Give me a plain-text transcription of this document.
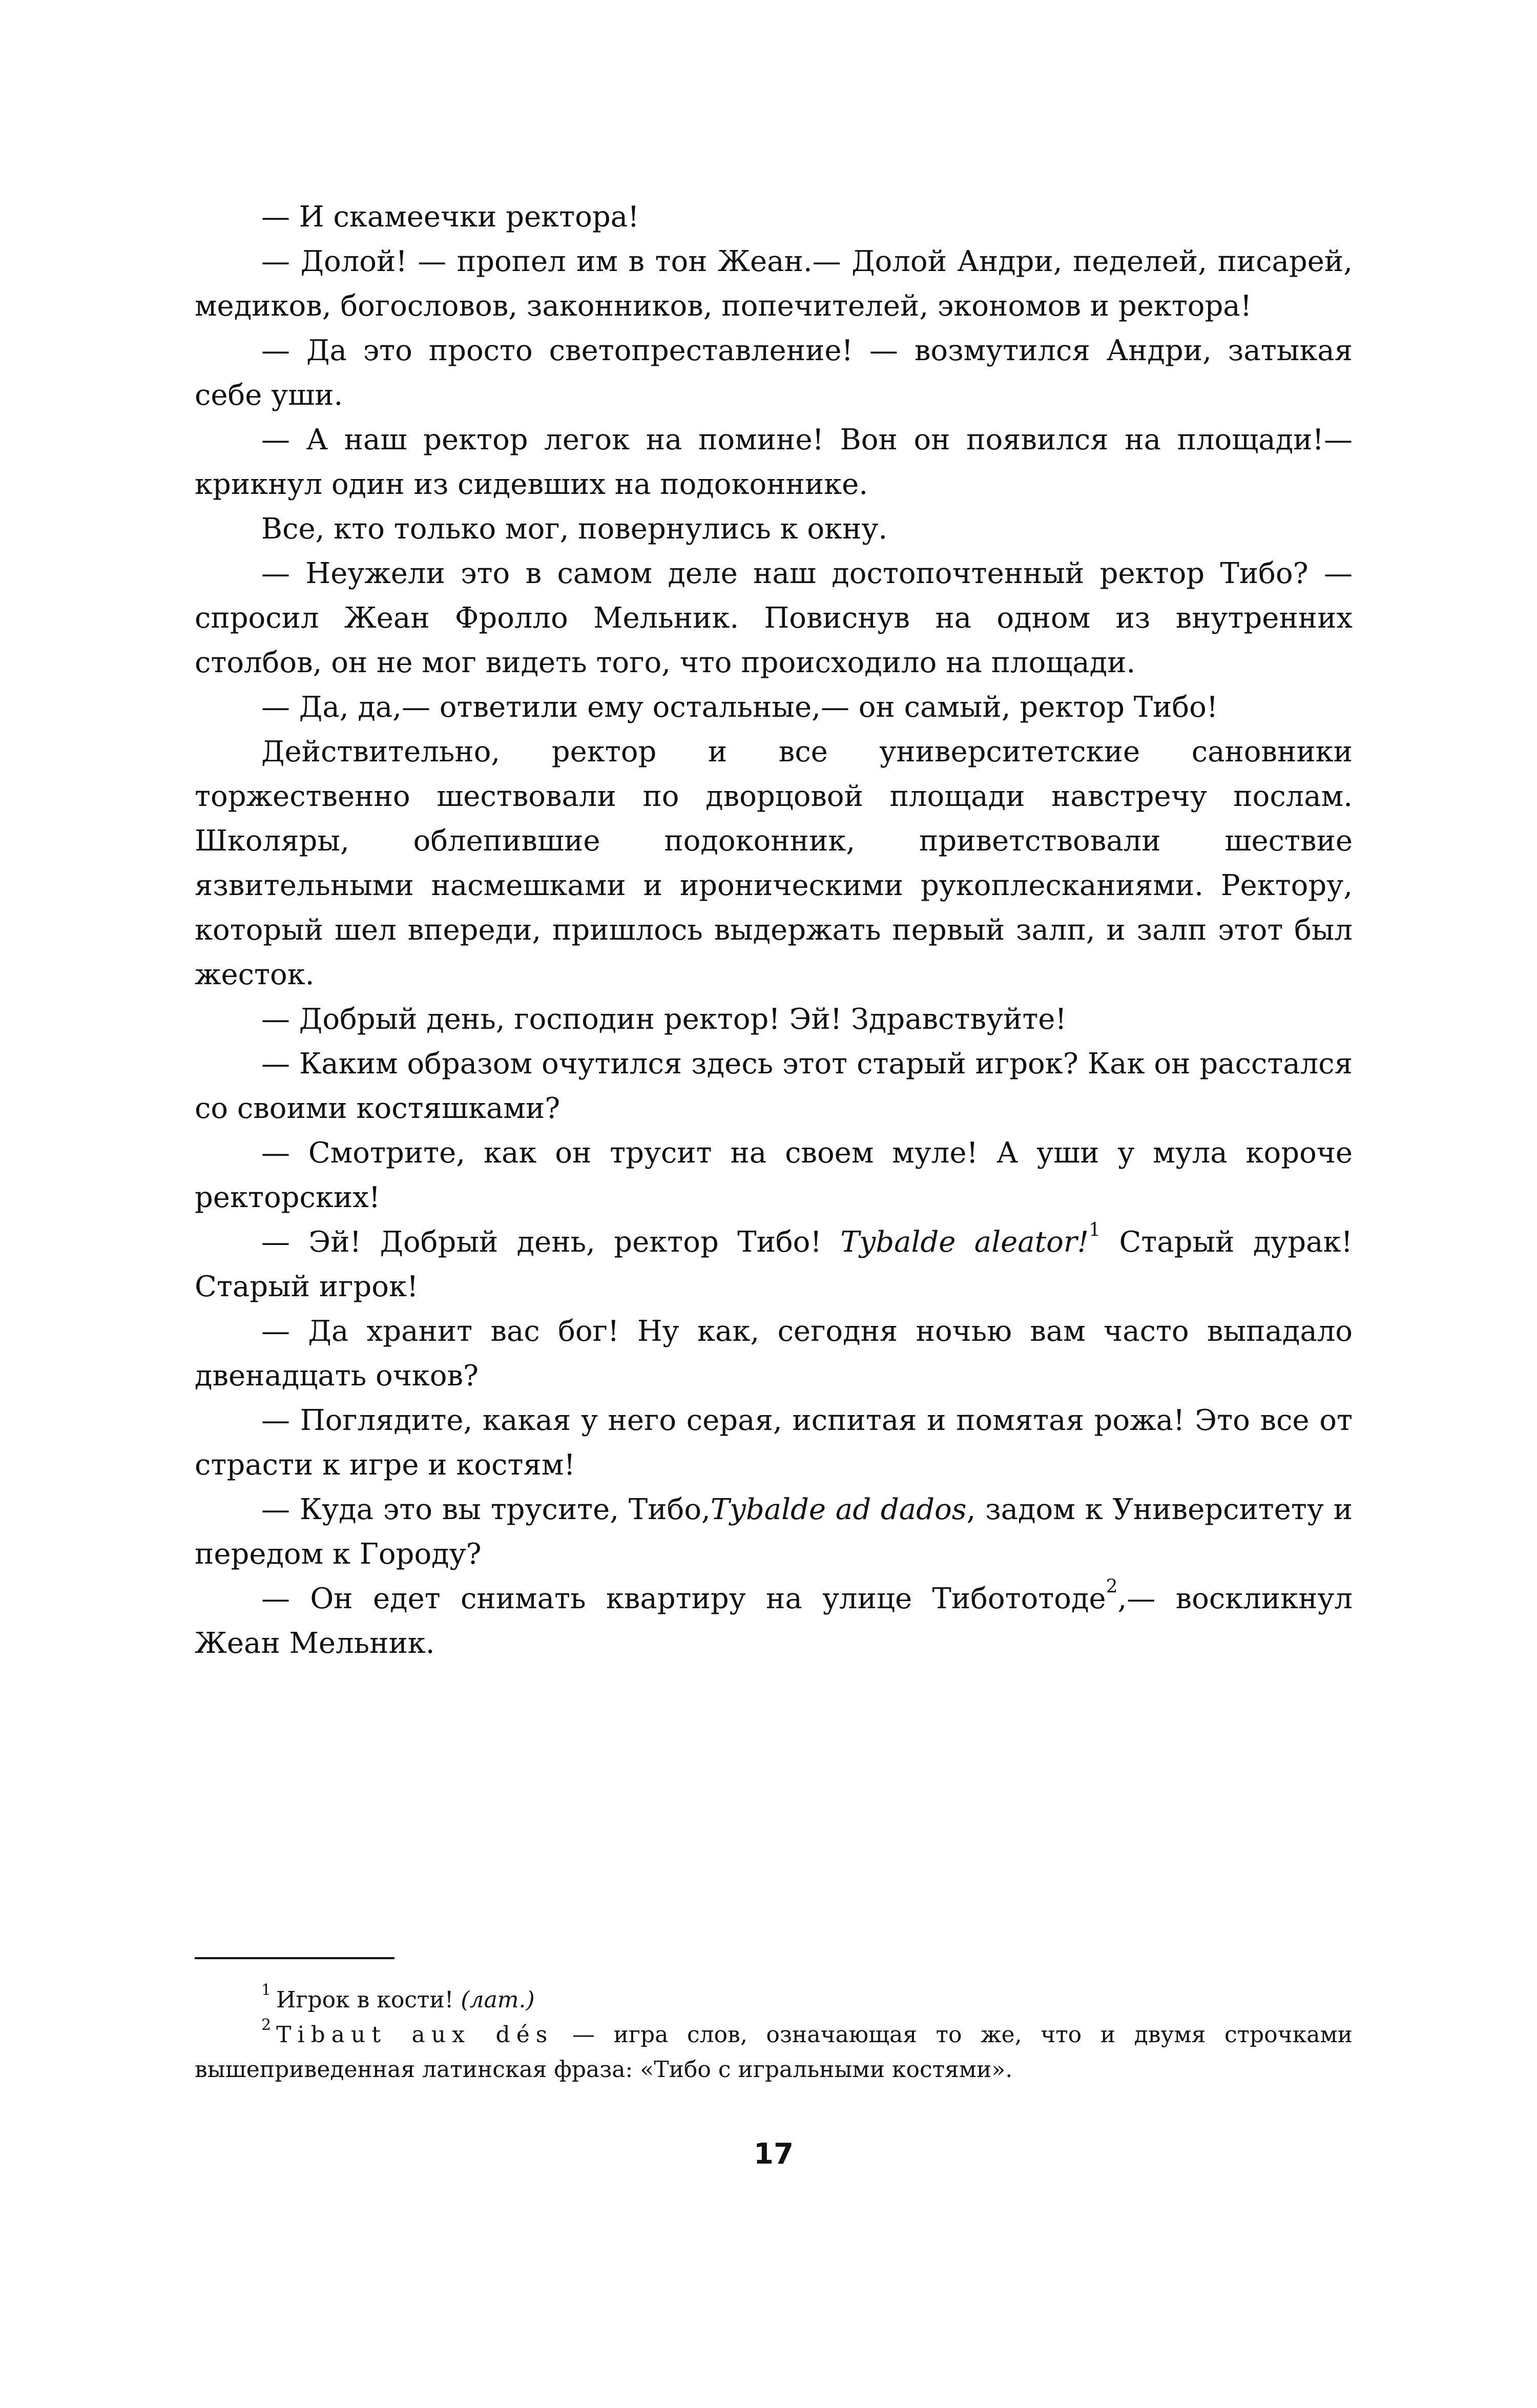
— И скамеечки ректора!

— Долой! — пропел им в тон Жеан.— Долой Андри, педелей, писарей, медиков, богословов, законников, попечителей, экономов и ректора!

— Да это просто светопреставление! — возмутился Андри, затыкая себе уши.

— А наш ректор легок на помине! Вон он появился на площади!— крикнул один из сидевших на подоконнике.

Все, кто только мог, повернулись к окну.

— Неужели это в самом деле наш достопочтенный ректор Тибо? — спросил Жеан Фролло Мельник. Повиснув на одном из внутренних столбов, он не мог видеть того, что происходило на площади.

— Да, да,— ответили ему остальные,— он самый, ректор Тибо!

Действительно, ректор и все университетские сановники торжественно шествовали по дворцовой площади навстречу послам. Школяры, облепившие подоконник, приветствовали шествие язвительными насмешками и ироническими рукоплесканиями. Ректору, который шел впереди, пришлось выдержать первый залп, и залп этот был жесток.

— Добрый день, господин ректор! Эй! Здравствуйте!

— Каким образом очутился здесь этот старый игрок? Как он расстался со своими костяшками?

— Смотрите, как он трусит на своем муле! А уши у мула короче ректорских!

— Эй! Добрый день, ректор Тибо! Tybalde aleator!$^1$ Старый дурак! Старый игрок!

— Да хранит вас бог! Ну как, сегодня ночью вам часто выпадало двенадцать очков?

— Поглядите, какая у него серая, испитая и помятая рожа! Это все от страсти к игре и костям!

— Куда это вы трусите, Тибо,Tybalde ad dados, задом к Университету и передом к Городу?

— Он едет снимать квартиру на улице Тибототоде$^2$,— воскликнул Жеан Мельник.

$^1$ Игрок в кости! (лат.)

$^2$ Tibaut aux dés — игра слов, означающая то же, что и двумя строчками вышеприведенная латинская фраза: «Тибо с игральными костями».

17
